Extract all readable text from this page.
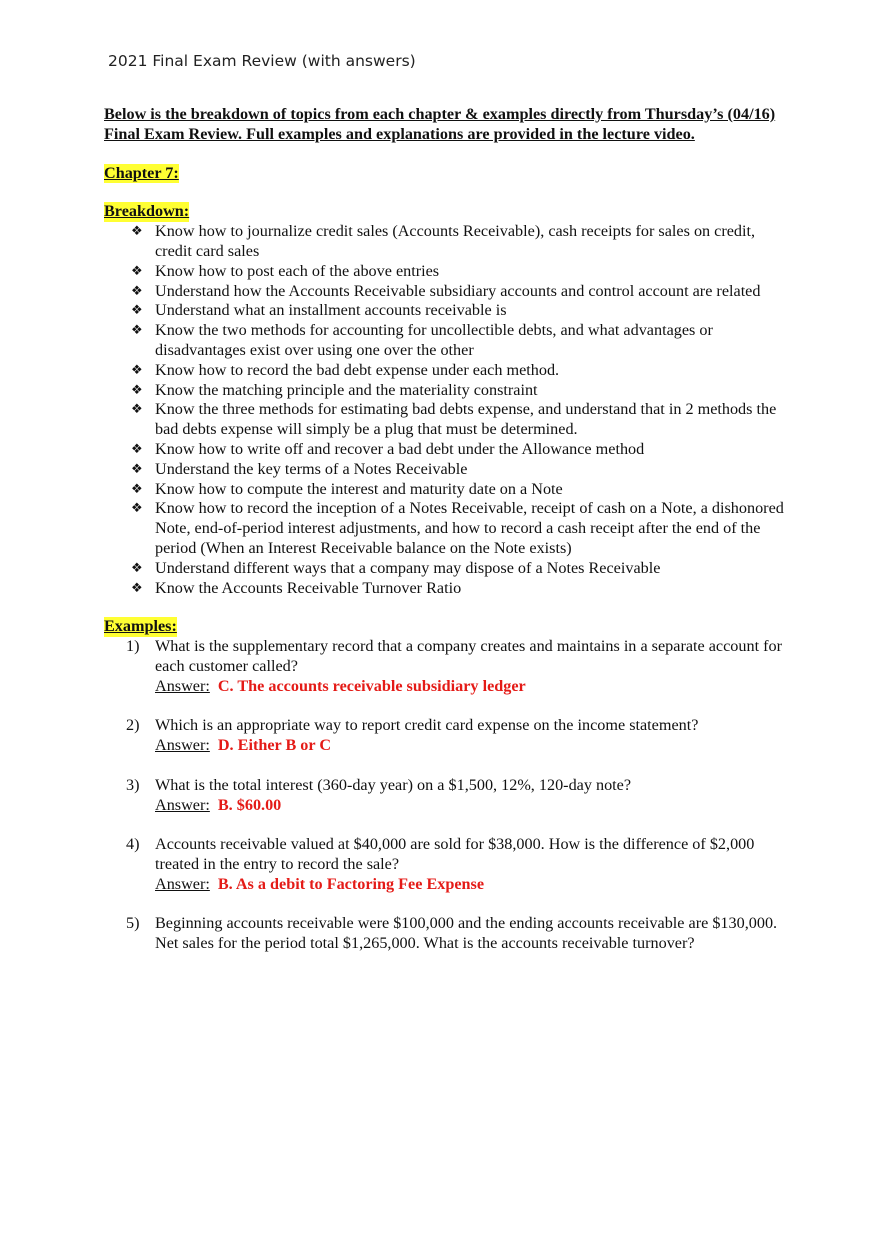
2021 Final Exam Review (with answers)

Below is the breakdown of topics from each chapter & examples directly from Thursday’s (04/16) Final Exam Review. Full examples and explanations are provided in the lecture video.

Chapter 7:
Breakdown:
❖ Know how to journalize credit sales (Accounts Receivable), cash receipts for sales on credit, credit card sales
❖ Know how to post each of the above entries
❖ Understand how the Accounts Receivable subsidiary accounts and control account are related
❖ Understand what an installment accounts receivable is
❖ Know the two methods for accounting for uncollectible debts, and what advantages or disadvantages exist over using one over the other
❖ Know how to record the bad debt expense under each method.
❖ Know the matching principle and the materiality constraint
❖ Know the three methods for estimating bad debts expense, and understand that in 2 methods the bad debts expense will simply be a plug that must be determined.
❖ Know how to write off and recover a bad debt under the Allowance method
❖ Understand the key terms of a Notes Receivable
❖ Know how to compute the interest and maturity date on a Note
❖ Know how to record the inception of a Notes Receivable, receipt of cash on a Note, a dishonored Note, end-of-period interest adjustments, and how to record a cash receipt after the end of the period (When an Interest Receivable balance on the Note exists)
❖ Understand different ways that a company may dispose of a Notes Receivable
❖ Know the Accounts Receivable Turnover Ratio
Examples:
1) What is the supplementary record that a company creates and maintains in a separate account for each customer called?
Answer: C. The accounts receivable subsidiary ledger
2) Which is an appropriate way to report credit card expense on the income statement?
Answer: D. Either B or C
3) What is the total interest (360-day year) on a $1,500, 12%, 120-day note?
Answer: B. $60.00
4) Accounts receivable valued at $40,000 are sold for $38,000. How is the difference of $2,000 treated in the entry to record the sale?
Answer: B. As a debit to Factoring Fee Expense
5) Beginning accounts receivable were $100,000 and the ending accounts receivable are $130,000. Net sales for the period total $1,265,000. What is the accounts receivable turnover?
